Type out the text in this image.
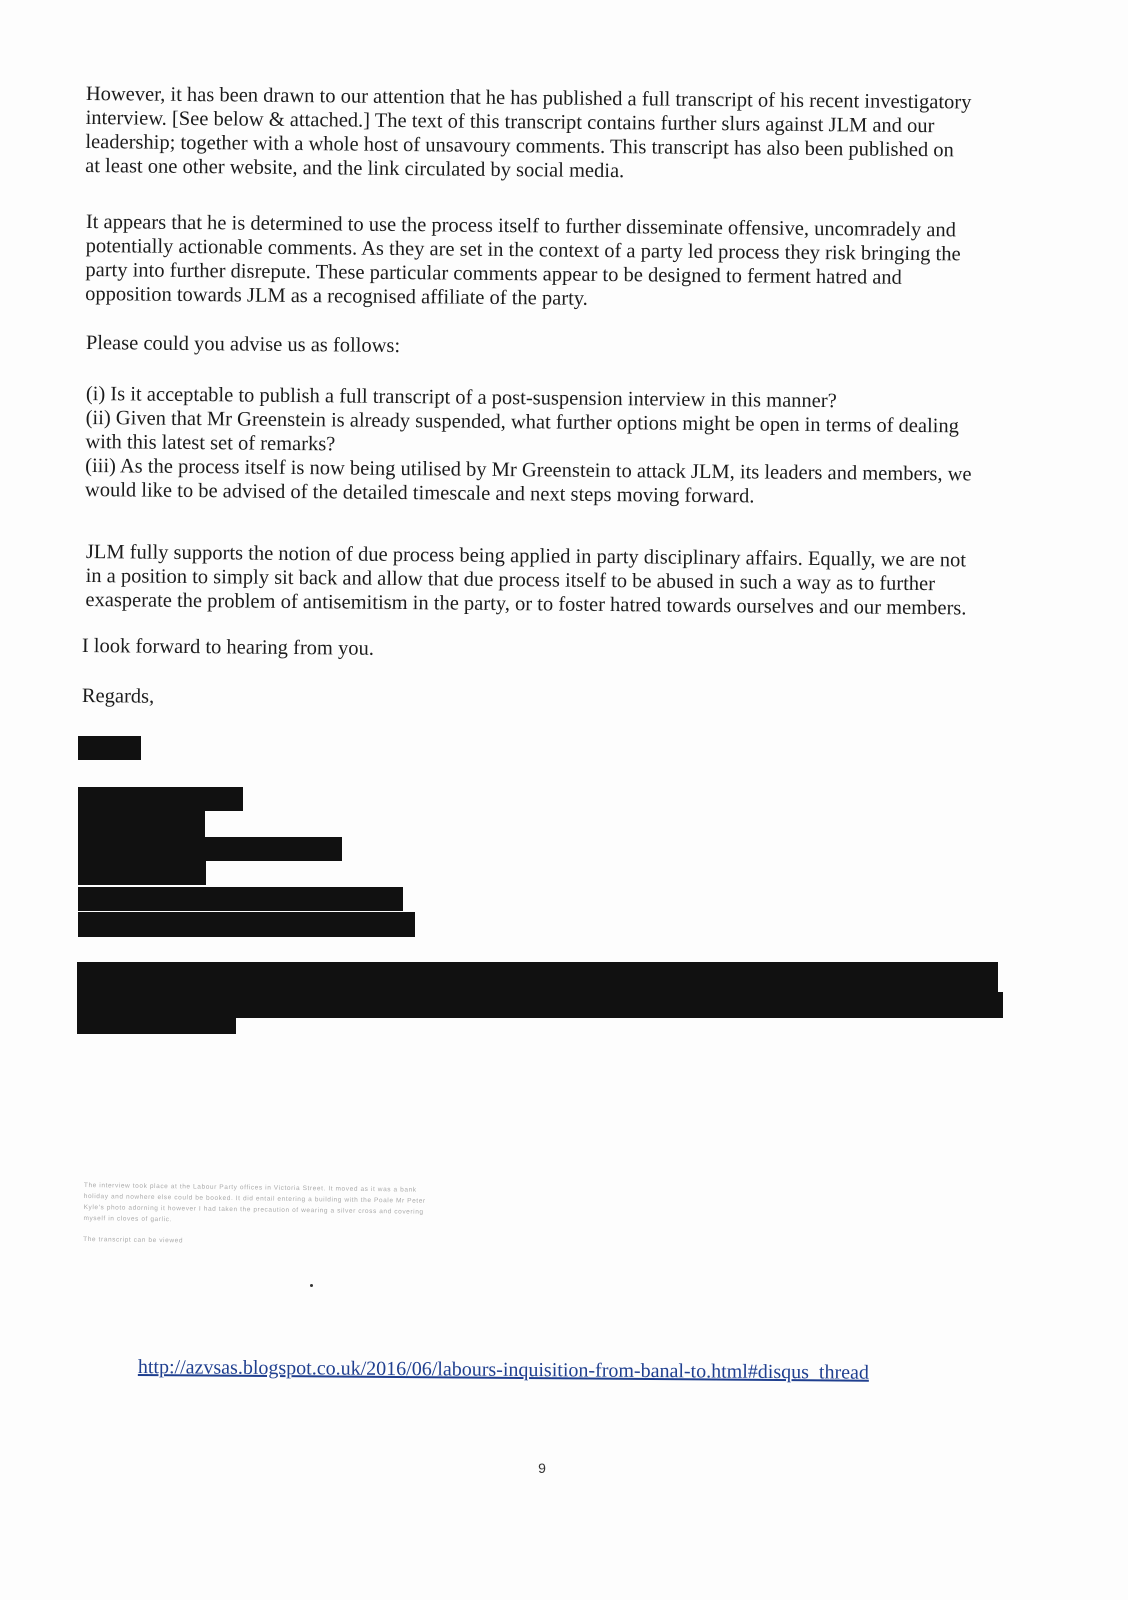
However, it has been drawn to our attention that he has published a full transcript of his recent investigatory
interview. [See below & attached.] The text of this transcript contains further slurs against JLM and our
leadership; together with a whole host of unsavoury comments. This transcript has also been published on
at least one other website, and the link circulated by social media.

It appears that he is determined to use the process itself to further disseminate offensive, uncomradely and
potentially actionable comments. As they are set in the context of a party led process they risk bringing the
party into further disrepute. These particular comments appear to be designed to ferment hatred and
opposition towards JLM as a recognised affiliate of the party.

Please could you advise us as follows:

(i) Is it acceptable to publish a full transcript of a post-suspension interview in this manner?
(ii) Given that Mr Greenstein is already suspended, what further options might be open in terms of dealing
with this latest set of remarks?
(iii) As the process itself is now being utilised by Mr Greenstein to attack JLM, its leaders and members, we
would like to be advised of the detailed timescale and next steps moving forward.

JLM fully supports the notion of due process being applied in party disciplinary affairs. Equally, we are not
in a position to simply sit back and allow that due process itself to be abused in such a way as to further
exasperate the problem of antisemitism in the party, or to foster hatred towards ourselves and our members.

I look forward to hearing from you.

Regards,

The interview took place at the Labour Party offices in Victoria Street. It moved as it was a bank
holiday and nowhere else could be booked. It did entail entering a building with the Poale Mr Peter
Kyle's photo adorning it however I had taken the precaution of wearing a silver cross and covering
myself in cloves of garlic.
The transcript can be viewed
http://azvsas.blogspot.co.uk/2016/06/labours-inquisition-from-banal-to.html#disqus_thread
9
